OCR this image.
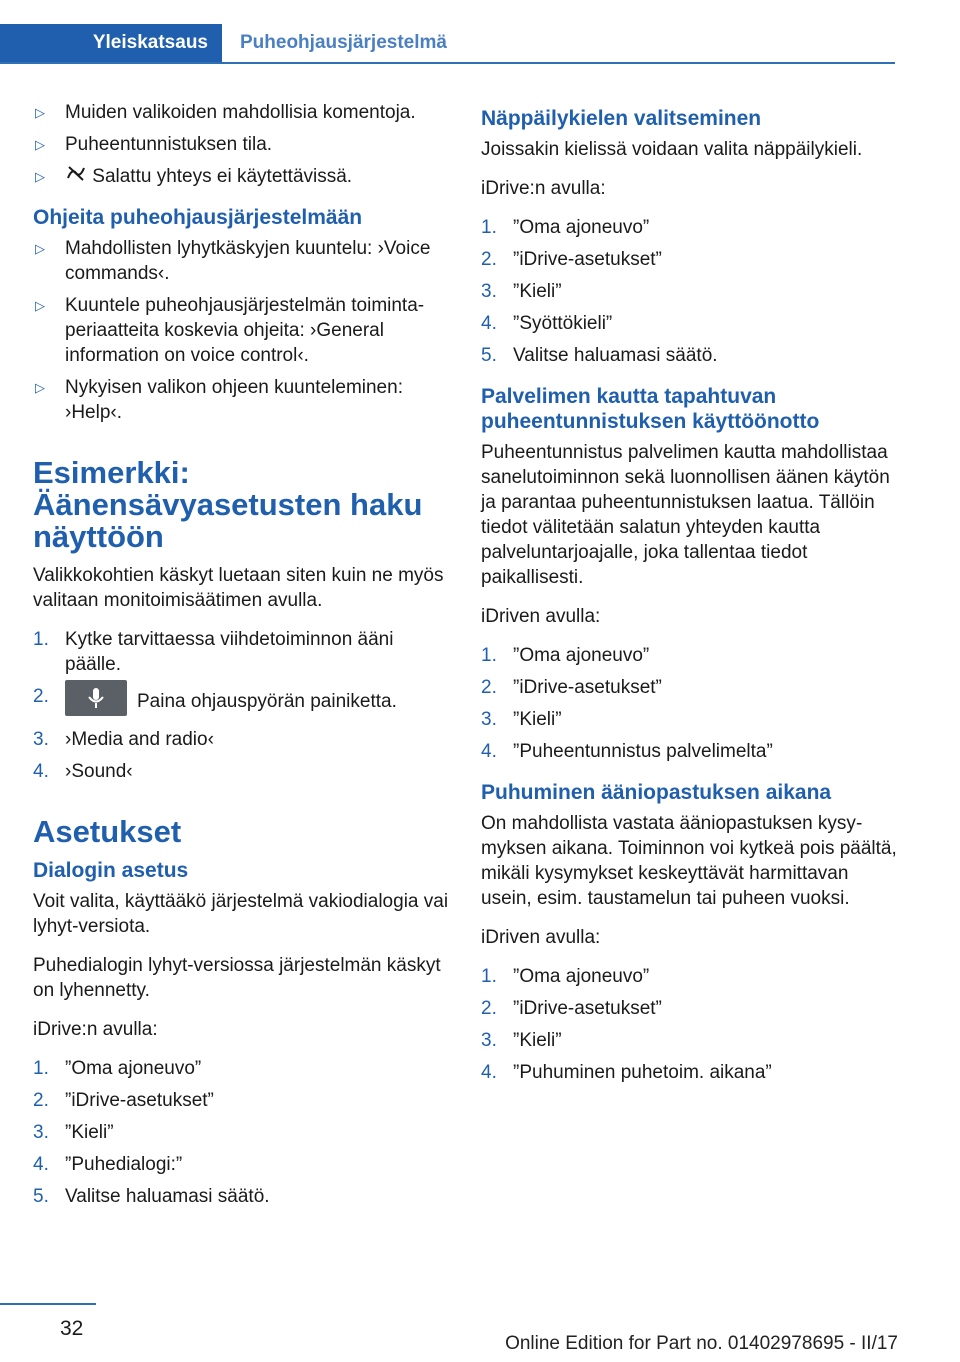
Yleiskatsaus	Puheohjausjärjestelmä
▷ Muiden valikoiden mahdollisia komentoja.
▷ Puheentunnistuksen tila.
▷ Salattu yhteys ei käytettävissä.
Ohjeita puheohjausjärjestelmään
▷ Mahdollisten lyhytkäskyjen kuuntelu: ›Voice commands‹.
▷ Kuuntele puheohjausjärjestelmän toimintaperiaatteita koskevia ohjeita: ›General information on voice control‹.
▷ Nykyisen valikon ohjeen kuunteleminen: ›Help‹.
Esimerkki: Äänensävyasetusten haku näyttöön

Valikkokohtien käskyt luetaan siten kuin ne myös valitaan monitoimisäätimen avulla.

1. Kytke tarvittaessa viihdetoiminnon ääni päälle.
2.	Paina ohjauspyörän painiketta.
3. ›Media and radio‹
4. ›Sound‹
Asetukset
Dialogin asetus

Voit valita, käyttääkö järjestelmä vakiodialogia vai lyhyt-versiota.

Puhedialogin lyhyt-versiossa järjestelmän käskyt on lyhennetty.

iDrive:n avulla:

1. ”Oma ajoneuvo”
2. ”iDrive-asetukset”
3. ”Kieli”
4. ”Puhedialogi:”
5. Valitse haluamasi säätö.
Näppäilykielen valitseminen

Joissakin kielissä voidaan valita näppäilykieli.

iDrive:n avulla:

1. ”Oma ajoneuvo”
2. ”iDrive-asetukset”
3. ”Kieli”
4. ”Syöttökieli”
5. Valitse haluamasi säätö.
Palvelimen kautta tapahtuvan puheentunnistuksen käyttöönotto

Puheentunnistus palvelimen kautta mahdollistaa sanelutoiminnon sekä luonnollisen äänen käytön ja parantaa puheentunnistuksen laatua. Tällöin tiedot välitetään salatun yhteyden kautta palveluntarjoajalle, joka tallentaa tiedot paikallisesti.

iDriven avulla:

1. ”Oma ajoneuvo”
2. ”iDrive-asetukset”
3. ”Kieli”
4. ”Puheentunnistus palvelimelta”
Puhuminen ääniopastuksen aikana

On mahdollista vastata ääniopastuksen kysymyksen aikana. Toiminnon voi kytkeä pois päältä, mikäli kysymykset keskeyttävät harmittavan usein, esim. taustamelun tai puheen vuoksi.

iDriven avulla:

1. ”Oma ajoneuvo”
2. ”iDrive-asetukset”
3. ”Kieli”
4. ”Puhuminen puhetoim. aikana”
32
Online Edition for Part no. 01402978695 - II/17
